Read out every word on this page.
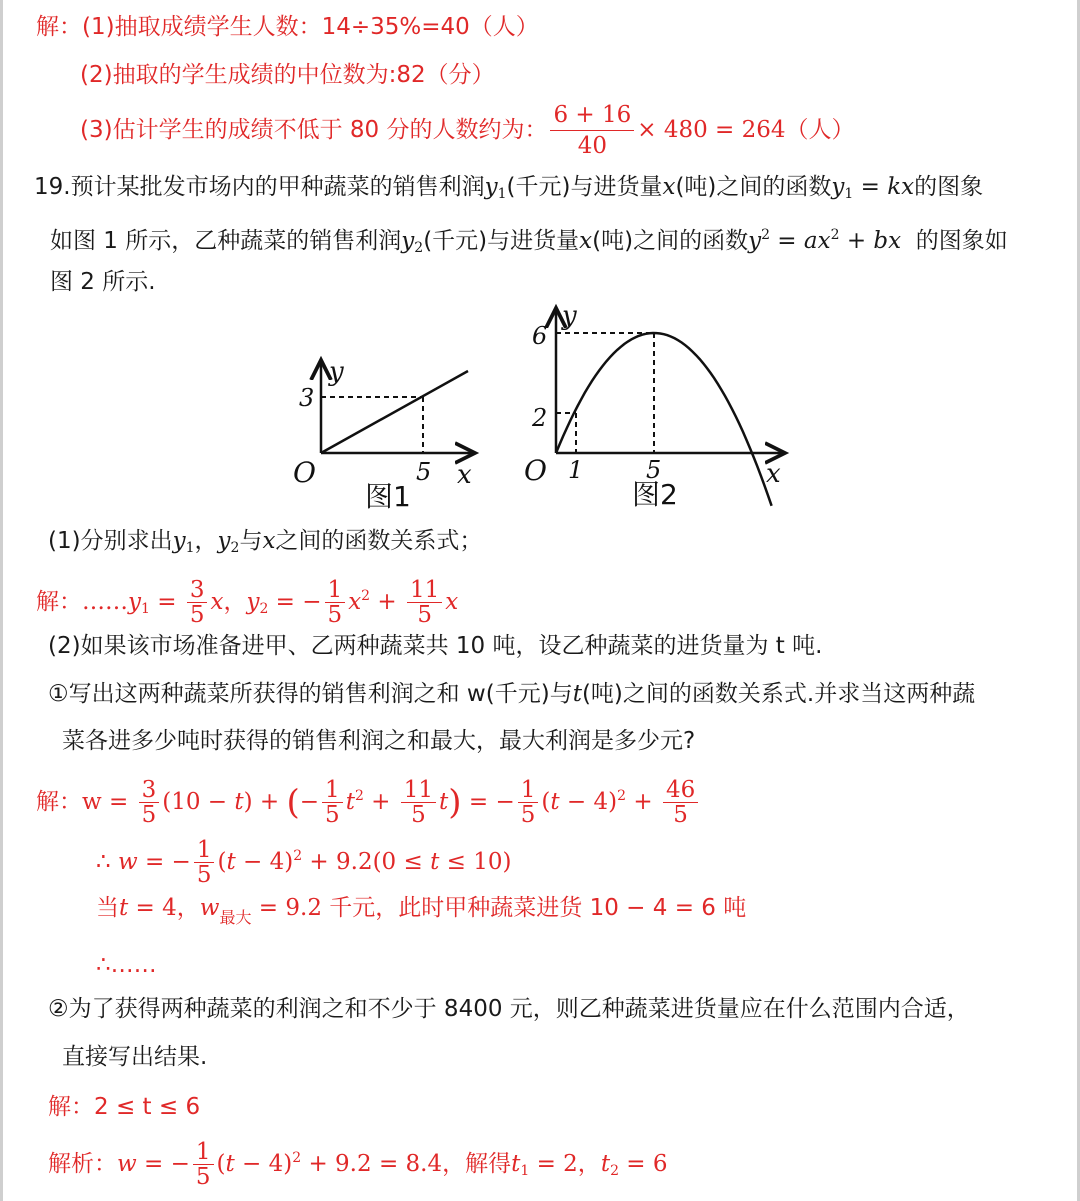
解：(1)抽取成绩学生人数：14÷35%=40（人）
(2)抽取的学生成绩的中位数为:82（分）
(3)估计学生的成绩不低于 80 分的人数约为： $\frac{6 + 16}{40} \times 480 = 264$（人）
19.预计某批发市场内的甲种蔬菜的销售利润$y_1$(千元)与进货量x(吨)之间的函数$y_1$ = kx的图象
如图 1 所示，乙种蔬菜的销售利润$y_2$(千元)与进货量x(吨)之间的函数$y^2 = ax^2$ + bx 的图象如
图 2 所示.
3
y
O	5 x
图1
6
2
y
O 1	5	x
图2
(1)分别求出$y_1$，$y_2$与x之间的函数关系式；
解：$\dots\dots y_1 = \frac{3}{5}$ x，$y_2$ = − $\frac{1}{5} x^2 + \frac{11}{5}$ x
(2)如果该市场准备进甲、乙两种蔬菜共 10 吨，设乙种蔬菜的进货量为 t 吨.
①写出这两种蔬菜所获得的销售利润之和 w(千元)与t(吨)之间的函数关系式.并求当这两种蔬
菜各进多少吨时获得的销售利润之和最大，最大利润是多少元?
解：$w = \frac{3}{5} (10 - t)$ + (− $\frac{1}{5} t^2 + \frac{11}{5} t$) = − $\frac{1}{5} (t - 4)^2 + \frac{46}{5}$
∴ w = − $\frac{1}{5} (t - 4)^2 + 9.2(0 \le t \le 10)$
当t = 4，$w_{最大} = 9.2$ 千元，此时甲种蔬菜进货 10 − 4 = 6 吨
∴……
②为了获得两种蔬菜的利润之和不少于 8400 元，则乙种蔬菜进货量应在什么范围内合适，
直接写出结果.
解：2 ≤ t ≤ 6
解析：w = − $\frac{1}{5} (t - 4)^2 + 9.2 = 8.4$，解得$t_1 = 2$，$t_2 = 6$
